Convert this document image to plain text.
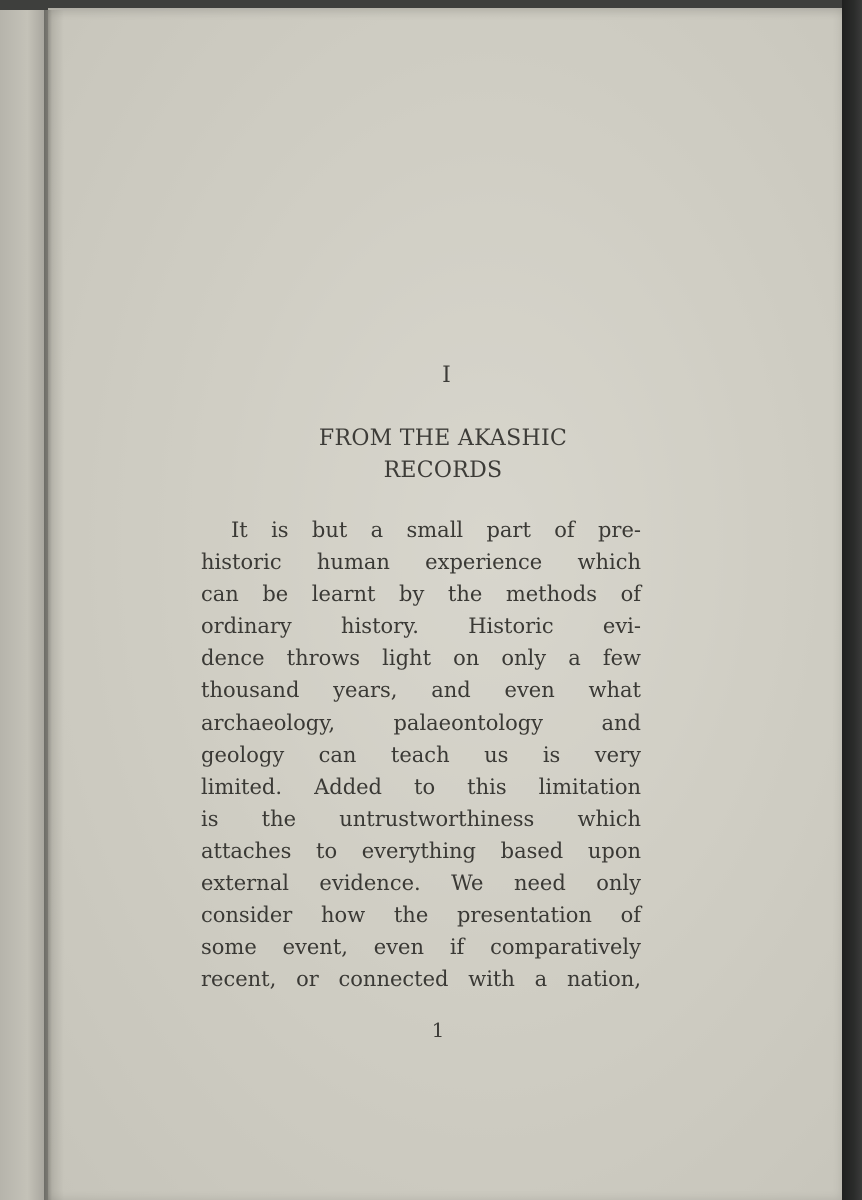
I
FROM THE AKASHIC
RECORDS
It is but a small part of pre-
historic human experience which
can be learnt by the methods of
ordinary history. Historic evi-
dence throws light on only a few
thousand years, and even what
archaeology, palaeontology and
geology can teach us is very
limited. Added to this limitation
is the untrustworthiness which
attaches to everything based upon
external evidence. We need only
consider how the presentation of
some event, even if comparatively
recent, or connected with a nation,
1
